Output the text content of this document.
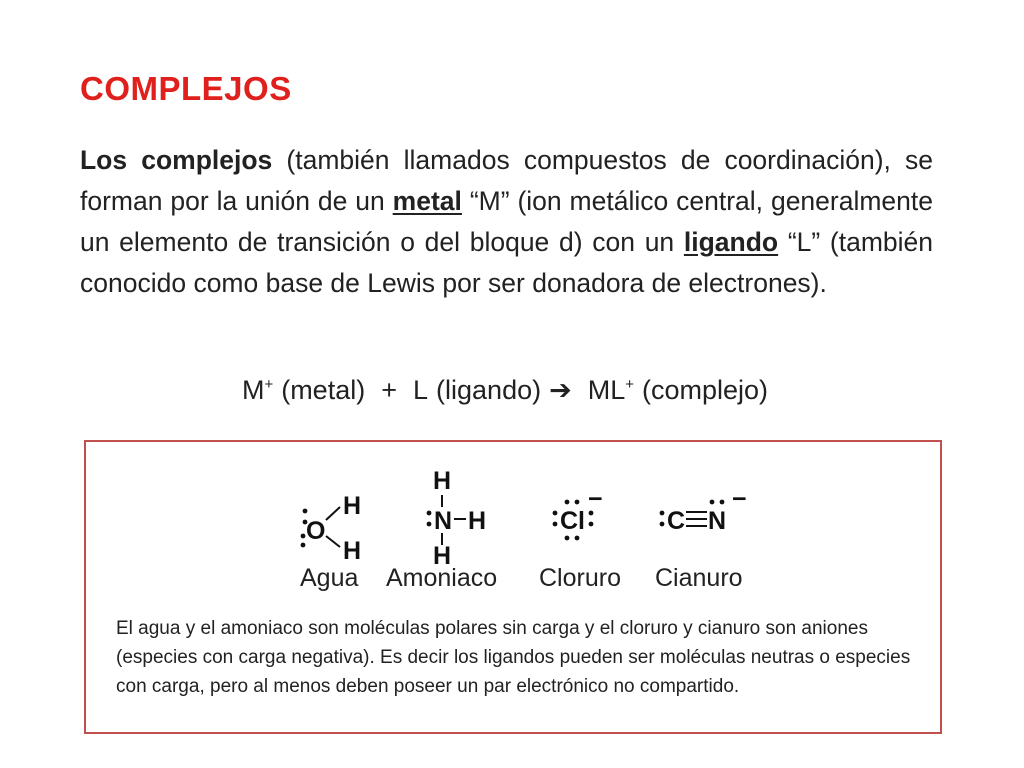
COMPLEJOS
Los complejos (también llamados compuestos de coordinación), se forman por la unión de un metal “M” (ion metálico central, generalmente un elemento de transición o del bloque d) con un ligando “L” (también conocido como base de Lewis por ser donadora de electrones).
M+ (metal) + L (ligando) ➔ ML+ (complejo)
O
H
H
H
N H
H
Cl
−
C N
−
Agua Amoniaco Cloruro Cianuro
El agua y el amoniaco son moléculas polares sin carga y el cloruro y cianuro son aniones (especies con carga negativa). Es decir los ligandos pueden ser moléculas neutras o especies con carga, pero al menos deben poseer un par electrónico no compartido.
